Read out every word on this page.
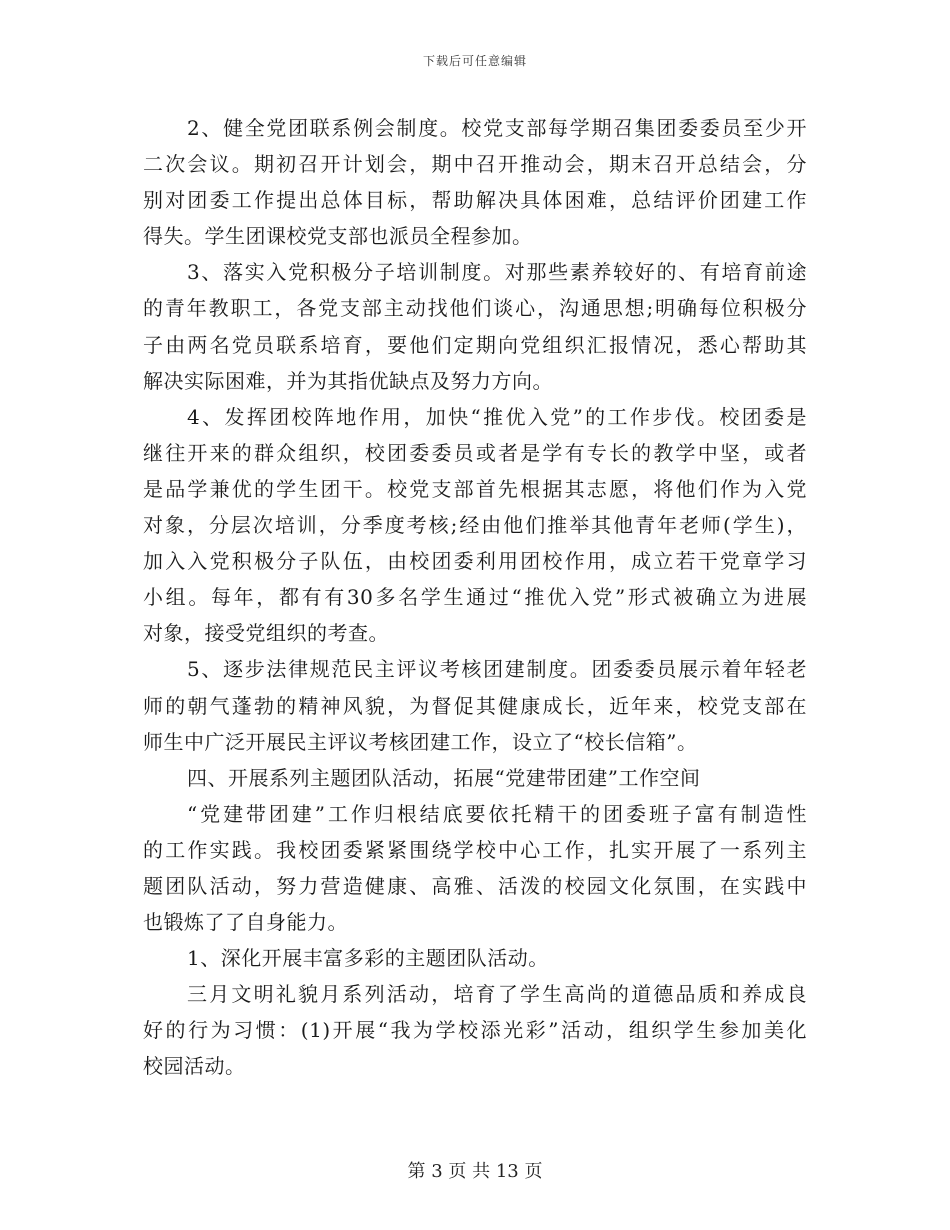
下载后可任意编辑
2、健全党团联系例会制度。校党支部每学期召集团委委员至少开
二次会议。期初召开计划会，期中召开推动会，期末召开总结会，分
别对团委工作提出总体目标，帮助解决具体困难，总结评价团建工作
得失。学生团课校党支部也派员全程参加。
3、落实入党积极分子培训制度。对那些素养较好的、有培育前途
的青年教职工，各党支部主动找他们谈心，沟通思想;明确每位积极分
子由两名党员联系培育，要他们定期向党组织汇报情况，悉心帮助其
解决实际困难，并为其指优缺点及努力方向。
4、发挥团校阵地作用，加快“推优入党”的工作步伐。校团委是
继往开来的群众组织，校团委委员或者是学有专长的教学中坚，或者
是品学兼优的学生团干。校党支部首先根据其志愿，将他们作为入党
对象，分层次培训，分季度考核;经由他们推举其他青年老师(学生)，
加入入党积极分子队伍，由校团委利用团校作用，成立若干党章学习
小组。每年，都有有30多名学生通过“推优入党”形式被确立为进展
对象，接受党组织的考查。
5、逐步法律规范民主评议考核团建制度。团委委员展示着年轻老
师的朝气蓬勃的精神风貌，为督促其健康成长，近年来，校党支部在
师生中广泛开展民主评议考核团建工作，设立了“校长信箱”。
四、开展系列主题团队活动，拓展“党建带团建”工作空间
“党建带团建”工作归根结底要依托精干的团委班子富有制造性
的工作实践。我校团委紧紧围绕学校中心工作，扎实开展了一系列主
题团队活动，努力营造健康、高雅、活泼的校园文化氛围，在实践中
也锻炼了了自身能力。
1、深化开展丰富多彩的主题团队活动。
三月文明礼貌月系列活动，培育了学生高尚的道德品质和养成良
好的行为习惯：(1)开展“我为学校添光彩”活动，组织学生参加美化
校园活动。
第 3 页 共 13 页
